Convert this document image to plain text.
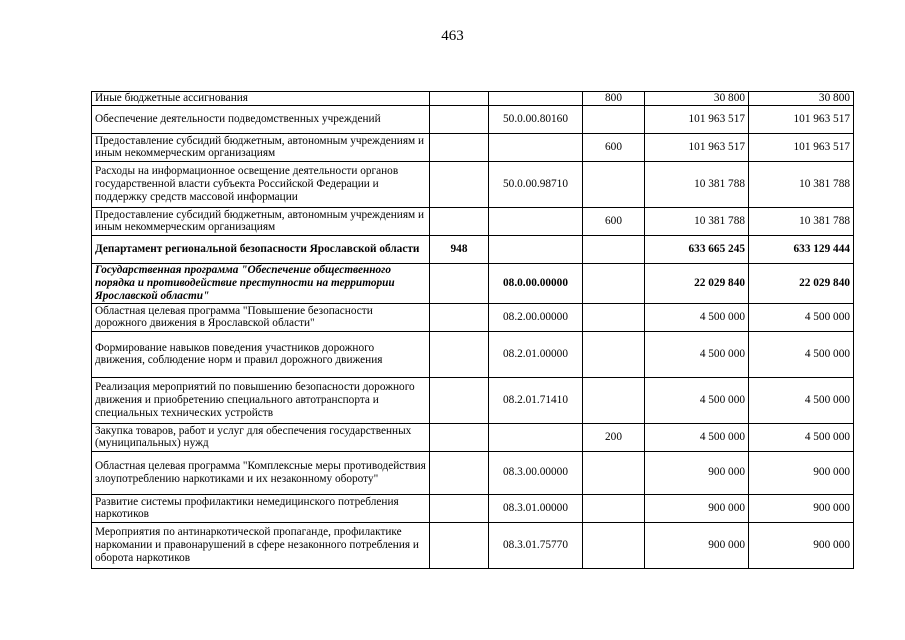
463
Иные бюджетные ассигнования			800	30 800	30 800
Обеспечение деятельности подведомственных учреждений		50.0.00.80160		101 963 517	101 963 517
Предоставление субсидий бюджетным, автономным учреждениям и иным некоммерческим организациям			600	101 963 517	101 963 517
Расходы на информационное освещение деятельности органов государственной власти субъекта Российской Федерации и поддержку средств массовой информации		50.0.00.98710		10 381 788	10 381 788
Предоставление субсидий бюджетным, автономным учреждениям и иным некоммерческим организациям			600	10 381 788	10 381 788
Департамент региональной безопасности Ярославской области	948			633 665 245	633 129 444
Государственная программа "Обеспечение общественного порядка и противодействие преступности на территории Ярославской области"		08.0.00.00000		22 029 840	22 029 840
Областная целевая программа "Повышение безопасности дорожного движения в Ярославской области"		08.2.00.00000		4 500 000	4 500 000
Формирование навыков поведения участников дорожного движения, соблюдение норм и правил дорожного движения		08.2.01.00000		4 500 000	4 500 000
Реализация мероприятий по повышению безопасности дорожного движения и приобретению специального автотранспорта и специальных технических устройств		08.2.01.71410		4 500 000	4 500 000
Закупка товаров, работ и услуг для обеспечения государственных (муниципальных) нужд			200	4 500 000	4 500 000
Областная целевая программа "Комплексные меры противодействия злоупотреблению наркотиками и их незаконному обороту"		08.3.00.00000		900 000	900 000
Развитие системы профилактики немедицинского потребления наркотиков		08.3.01.00000		900 000	900 000
Мероприятия по антинаркотической пропаганде, профилактике наркомании и правонарушений в сфере незаконного потребления и оборота наркотиков		08.3.01.75770		900 000	900 000
